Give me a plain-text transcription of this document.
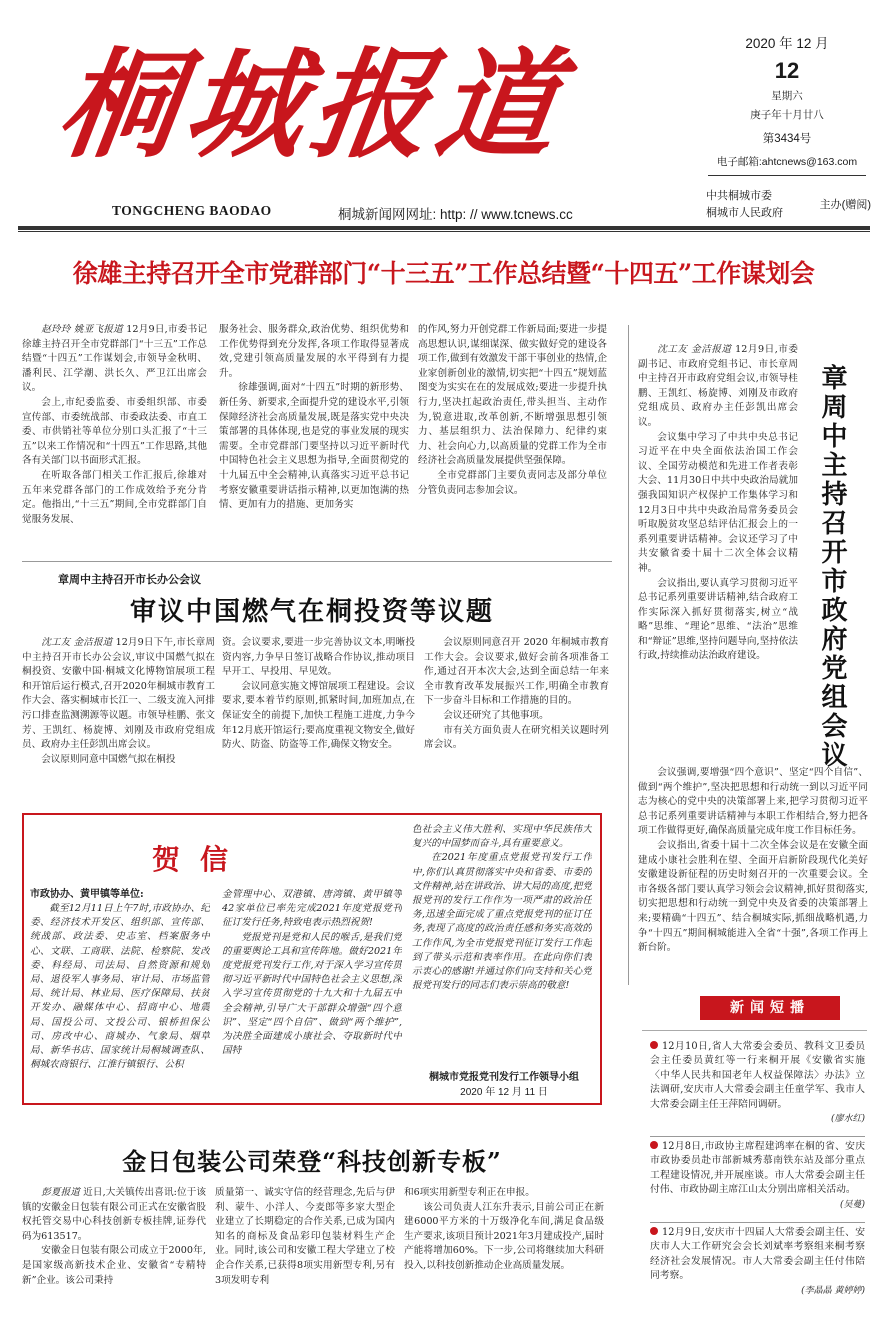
桐城报道
TONGCHENG BAODAO	桐城新闻网网址: http: // www.tcnews.cc
2020 年 12 月
12
星期六
庚子年十月廿八
第3434号
电子邮箱:ahtcnews@163.com
中共桐城市委
桐城市人民政府
主办(赠阅)
徐雄主持召开全市党群部门“十三五”工作总结暨“十四五”工作谋划会

赵玲玲 姚亚飞报道 12月9日,市委书记徐雄主持召开全市党群部门“十三五”工作总结暨“十四五”工作谋划会,市领导金秋明、潘利民、江学潮、洪长久、严卫江出席会议。

会上,市纪委监委、市委组织部、市委宣传部、市委统战部、市委政法委、市直工委、市供销社等单位分别口头汇报了“十三五”以来工作情况和“十四五”工作思路,其他各有关部门以书面形式汇报。

在听取各部门相关工作汇报后,徐雄对五年来党群各部门的工作成效给予充分肯定。他指出,“十三五”期间,全市党群部门自觉服务发展、

服务社会、服务群众,政治优势、组织优势和工作优势得到充分发挥,各项工作取得显著成效,党建引领高质量发展的水平得到有力提升。

徐雄强调,面对“十四五”时期的新形势、新任务、新要求,全面提升党的建设水平,引领保障经济社会高质量发展,既是落实党中央决策部署的具体体现,也是党的事业发展的现实需要。全市党群部门要坚持以习近平新时代中国特色社会主义思想为指导,全面贯彻党的十九届五中全会精神,认真落实习近平总书记考察安徽重要讲话指示精神,以更加饱满的热情、更加有力的措施、更加务实

的作风,努力开创党群工作新局面;要进一步提高思想认识,谋细谋深、做实做好党的建设各项工作,做到有效激发干部干事创业的热情,企业家创新创业的激情,切实把“十四五”规划蓝图变为实实在在的发展成效;要进一步提升执行力,坚决扛起政治责任,带头担当、主动作为,锐意进取,改革创新,不断增强思想引领力、基层组织力、法治保障力、纪律约束力、社会向心力,以高质量的党群工作为全市经济社会高质量发展提供坚强保障。

全市党群部门主要负责同志及部分单位分管负责同志参加会议。

章周中主持召开市长办公会议
审议中国燃气在桐投资等议题

沈工友 金洁报道 12月9日下午,市长章周中主持召开市长办公会议,审议中国燃气拟在桐投资、安徽中国·桐城文化博物馆展项工程和开馆后运行模式,召开2020年桐城市教育工作大会、落实桐城市长江一、二级支流入河排污口排查监测溯源等议题。市领导桂鹏、张文芳、王凯红、杨旋博、刘刚及市政府党组成员、政府办主任彭凯出席会议。

会议原则同意中国燃气拟在桐投

资。会议要求,要进一步完善协议文本,明晰投资内容,力争早日签订战略合作协议,推动项目早开工、早投用、早见效。

会议同意实施文博馆展项工程建设。会议要求,要本着节约原则,抓紧时间,加班加点,在保证安全的前提下,加快工程施工进度,力争今年12月底开馆运行;要高度重视文物安全,做好防火、防盗、防盗等工作,确保文物安全。

会议原则同意召开 2020 年桐城市教育工作大会。会议要求,做好会前各项准备工作,通过召开本次大会,达到全面总结一年来全市教育改革发展振兴工作,明确全市教育下一步奋斗目标和工作措施的目的。

会议还研究了其他事项。

市有关方面负责人在研究相关议题时列席会议。	章周中主持召开市政府党组会议

沈工友 金洁报道 12月9日,市委副书记、市政府党组书记、市长章周中主持召开市政府党组会议,市领导桂鹏、王凯红、杨旋博、刘刚及市政府党组成员、政府办主任彭凯出席会议。

会议集中学习了中共中央总书记习近平在中央全面依法治国工作会议、全国劳动模范和先进工作者表彰大会、11月30日中共中央政治局就加强我国知识产权保护工作集体学习和12月3日中共中央政治局常务委员会听取脱贫攻坚总结评估汇报会上的一系列重要讲话精神。会议还学习了中共安徽省委十届十二次全体会议精神。

会议指出,要认真学习贯彻习近平总书记系列重要讲话精神,结合政府工作实际深入抓好贯彻落实,树立“战略”思维、“理论”思维、“法治”思维和“辩证”思维,坚持问题导向,坚持依法行政,持续推动法治政府建设。

会议强调,要增强“四个意识”、坚定“四个自信”、做到“两个维护”,坚决把思想和行动统一到以习近平同志为核心的党中央的决策部署上来,把学习贯彻习近平总书记系列重要讲话精神与本职工作相结合,努力把各项工作做得更好,确保高质量完成年度工作目标任务。

会议指出,省委十届十二次全体会议是在安徽全面建成小康社会胜利在望、全面开启新阶段现代化美好安徽建设新征程的历史时刻召开的一次重要会议。全市各级各部门要认真学习领会会议精神,抓好贯彻落实,切实把思想和行动统一到党中央及省委的决策部署上来;要精确“十四五”、结合桐城实际,抓细战略机遇,力争“十四五”期间桐城能进入全省“十强”,各项工作再上新台阶。

贺信
市政协办、黄甲镇等单位:

截至12月11日上午7时,市政协办、纪委、经济技术开发区、组织部、宣传部、统战部、政法委、史志室、档案服务中心、文联、工商联、法院、检察院、发改委、科经局、司法局、自然资源和规划局、退役军人事务局、审计局、市场监管局、统计局、林业局、医疗保障局、扶贫开发办、融媒体中心、招商中心、地震局、国投公司、文投公司、银桥担保公司、房改中心、商城办、气象局、烟草局、新华书店、国家统计局桐城调查队、桐城农商银行、江淮行镇银行、公积

金管理中心、双港镇、唐湾镇、黄甲镇等42家单位已率先完成2021年度党报党刊征订发行任务,特致电表示热烈祝贺!

党报党刊是党和人民的喉舌,是我们党的重要舆论工具和宣传阵地。做好2021年度党报党刊发行工作,对于深入学习宣传贯彻习近平新时代中国特色社会主义思想,深入学习宣传贯彻党的十九大和十九届五中全会精神,引导广大干部群众增强“四个意识”、坚定“四个自信”、做到“两个维护”,为决胜全面建成小康社会、夺取新时代中国特

色社会主义伟大胜利、实现中华民族伟大复兴的中国梦而奋斗,具有重要意义。

在2021年度重点党报党刊发行工作中,你们认真贯彻落实中央和省委、市委的文件精神,站在讲政治、讲大局的高度,把党报党刊的发行工作作为一项严肃的政治任务,迅速全面完成了重点党报党刊的征订任务,表现了高度的政治责任感和务实高效的工作作风,为全市党报党刊征订发行工作起到了带头示范和表率作用。在此向你们表示衷心的感谢!并通过你们向支持和关心党报党刊发行的同志们表示崇高的敬意!

桐城市党报党刊发行工作领导小组
2020 年 12 月 11 日
金日包装公司荣登“科技创新专板”

彭夏报道 近日,大关镇传出喜讯:位于该镇的安徽金日包装有限公司正式在安徽省股权托管交易中心科技创新专板挂牌,证券代码为613517。

安徽金日包装有限公司成立于2000年,是国家级高新技术企业、安徽省“专精特新”企业。该公司秉持

质量第一、诚实守信的经营理念,先后与伊利、蒙牛、小洋人、今麦郎等多家大型企业建立了长期稳定的合作关系,已成为国内知名的商标及食品彩印包装材料生产企业。同时,该公司和安徽工程大学建立了校企合作关系,已获得8项实用新型专利,另有3项发明专利

和6项实用新型专利正在申报。

该公司负责人江东升表示,目前公司正在新建6000平方米的十万级净化车间,满足食品级生产要求,该项目预计2021年3月建成投产,届时产能将增加60%。下一步,公司将继续加大科研投入,以科技创新推动企业高质量发展。

新闻短播
12月10日,省人大常委会委员、教科文卫委员会主任委员黄红等一行来桐开展《安徽省实施〈中华人民共和国老年人权益保障法〉办法》立法调研,安庆市人大常委会副主任童学军、我市人大常委会副主任王萍陪同调研。
(廖水红)
12月8日,市政协主席程建鸿率在桐的省、安庆市政协委员赴市部新城秀慕南铁东站及部分重点工程建设情况,并开展座谈。市人大常委会副主任付伟、市政协副主席江山太分别出席相关活动。
(吴蔓)
12月9日,安庆市十四届人大常委会副主任、安庆市人大工作研究会会长刘斌率考察组来桐考察经济社会发展情况。市人大常委会副主任付伟陪同考察。
(李晶晶 黄婷婷)
